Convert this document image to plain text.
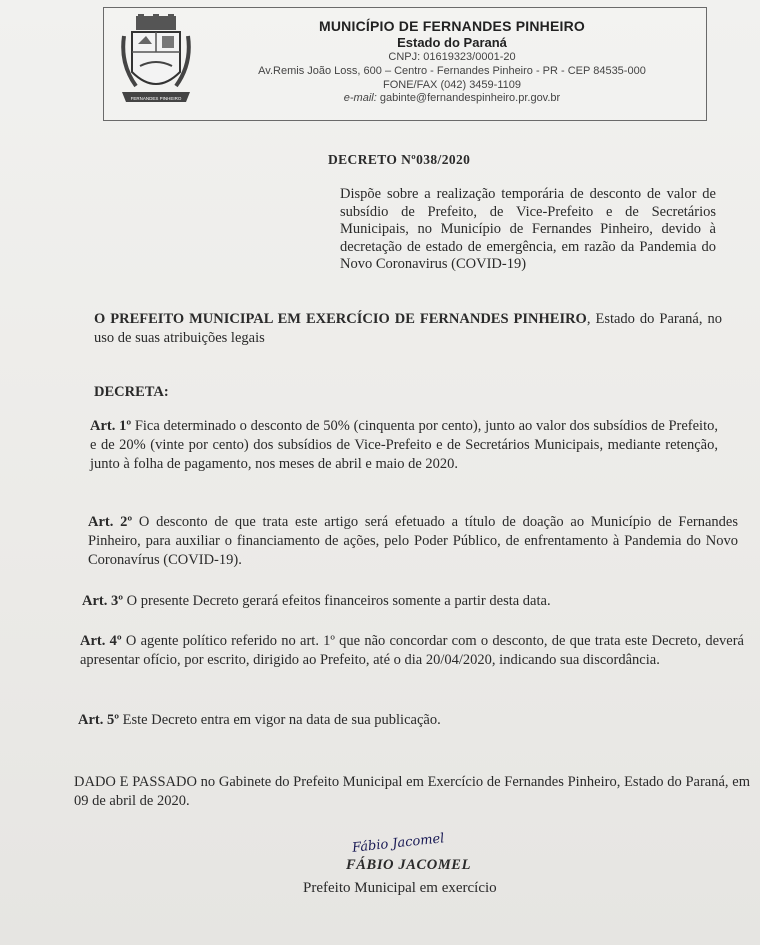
FERNANDES PINHEIRO
MUNICÍPIO DE FERNANDES PINHEIRO
Estado do Paraná
CNPJ: 01619323/0001-20
Av.Remis João Loss, 600 – Centro - Fernandes Pinheiro - PR - CEP 84535-000
FONE/FAX (042) 3459-1109
e-mail: gabinte@fernandespinheiro.pr.gov.br
DECRETO Nº038/2020
Dispõe sobre a realização temporária de desconto de valor de subsídio de Prefeito, de Vice-Prefeito e de Secretários Municipais, no Município de Fernandes Pinheiro, devido à decretação de estado de emergência, em razão da Pandemia do Novo Coronavirus (COVID-19)
O PREFEITO MUNICIPAL EM EXERCÍCIO DE FERNANDES PINHEIRO, Estado do Paraná, no uso de suas atribuições legais
DECRETA:
Art. 1º Fica determinado o desconto de 50% (cinquenta por cento), junto ao valor dos subsídios de Prefeito, e de 20% (vinte por cento) dos subsídios de Vice-Prefeito e de Secretários Municipais, mediante retenção, junto à folha de pagamento, nos meses de abril e maio de 2020.
Art. 2º O desconto de que trata este artigo será efetuado a título de doação ao Município de Fernandes Pinheiro, para auxiliar o financiamento de ações, pelo Poder Público, de enfrentamento à Pandemia do Novo Coronavírus (COVID-19).
Art. 3º O presente Decreto gerará efeitos financeiros somente a partir desta data.
Art. 4º O agente político referido no art. 1º que não concordar com o desconto, de que trata este Decreto, deverá apresentar ofício, por escrito, dirigido ao Prefeito, até o dia 20/04/2020, indicando sua discordância.
Art. 5º Este Decreto entra em vigor na data de sua publicação.
DADO E PASSADO no Gabinete do Prefeito Municipal em Exercício de Fernandes Pinheiro, Estado do Paraná, em 09 de abril de 2020.
Fábio Jacomel
FÁBIO JACOMEL
Prefeito Municipal em exercício
